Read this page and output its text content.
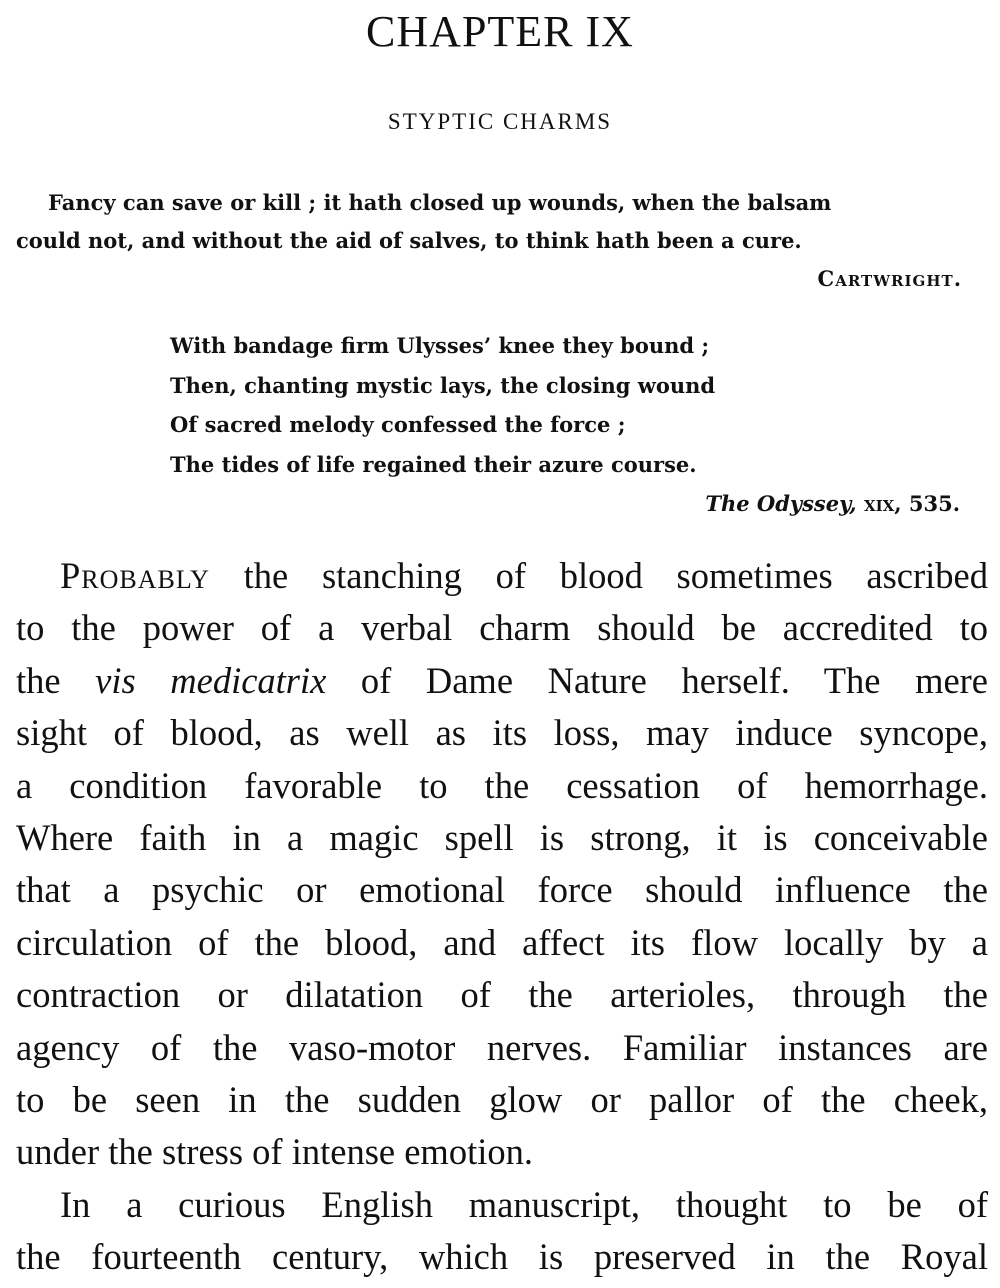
CHAPTER IX
STYPTIC CHARMS
Fancy can save or kill ; it hath closed up wounds, when the balsam
could not, and without the aid of salves, to think hath been a cure.
Cartwright.
With bandage firm Ulysses’ knee they bound ;
Then, chanting mystic lays, the closing wound
Of sacred melody confessed the force ;
The tides of life regained their azure course.
The Odyssey, xix, 535.
Probably the stanching of blood sometimes ascribed
to the power of a verbal charm should be accredited to
the vis medicatrix of Dame Nature herself. The mere
sight of blood, as well as its loss, may induce syncope,
a condition favorable to the cessation of hemorrhage.
Where faith in a magic spell is strong, it is conceivable
that a psychic or emotional force should influence the
circulation of the blood, and affect its flow locally by a
contraction or dilatation of the arterioles, through the
agency of the vaso-motor nerves. Familiar instances are
to be seen in the sudden glow or pallor of the cheek,
under the stress of intense emotion.
In a curious English manuscript, thought to be of
the fourteenth century, which is preserved in the Royal
